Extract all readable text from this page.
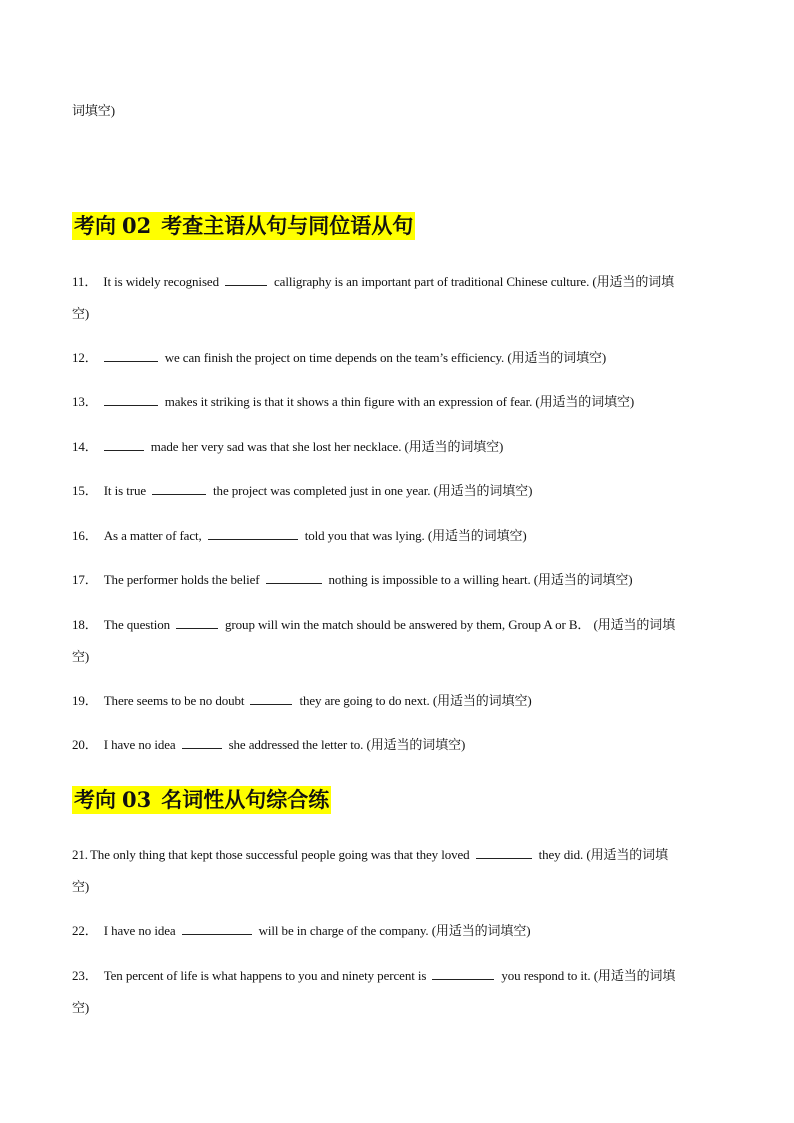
词填空)
考向 02 考查主语从句与同位语从句
11． It is widely recognised	calligraphy is an important part of traditional Chinese culture. (用适当的词填
空)
12．	we can finish the project on time depends on the team’s efficiency. (用适当的词填空)
13．	makes it striking is that it shows a thin figure with an expression of fear. (用适当的词填空)
14．	made her very sad was that she lost her necklace. (用适当的词填空)
15． It is true	the project was completed just in one year. (用适当的词填空)
16． As a matter of fact,	told you that was lying. (用适当的词填空)
17． The performer holds the belief	nothing is impossible to a willing heart. (用适当的词填空)
18． The question	group will win the match should be answered by them, Group A or B． (用适当的词填
空)
19． There seems to be no doubt	they are going to do next. (用适当的词填空)
20． I have no idea	she addressed the letter to. (用适当的词填空)
考向 03 名词性从句综合练
21. The only thing that kept those successful people going was that they loved	they did. (用适当的词填
空)
22． I have no idea	will be in charge of the company. (用适当的词填空)
23． Ten percent of life is what happens to you and ninety percent is	you respond to it. (用适当的词填
空)
